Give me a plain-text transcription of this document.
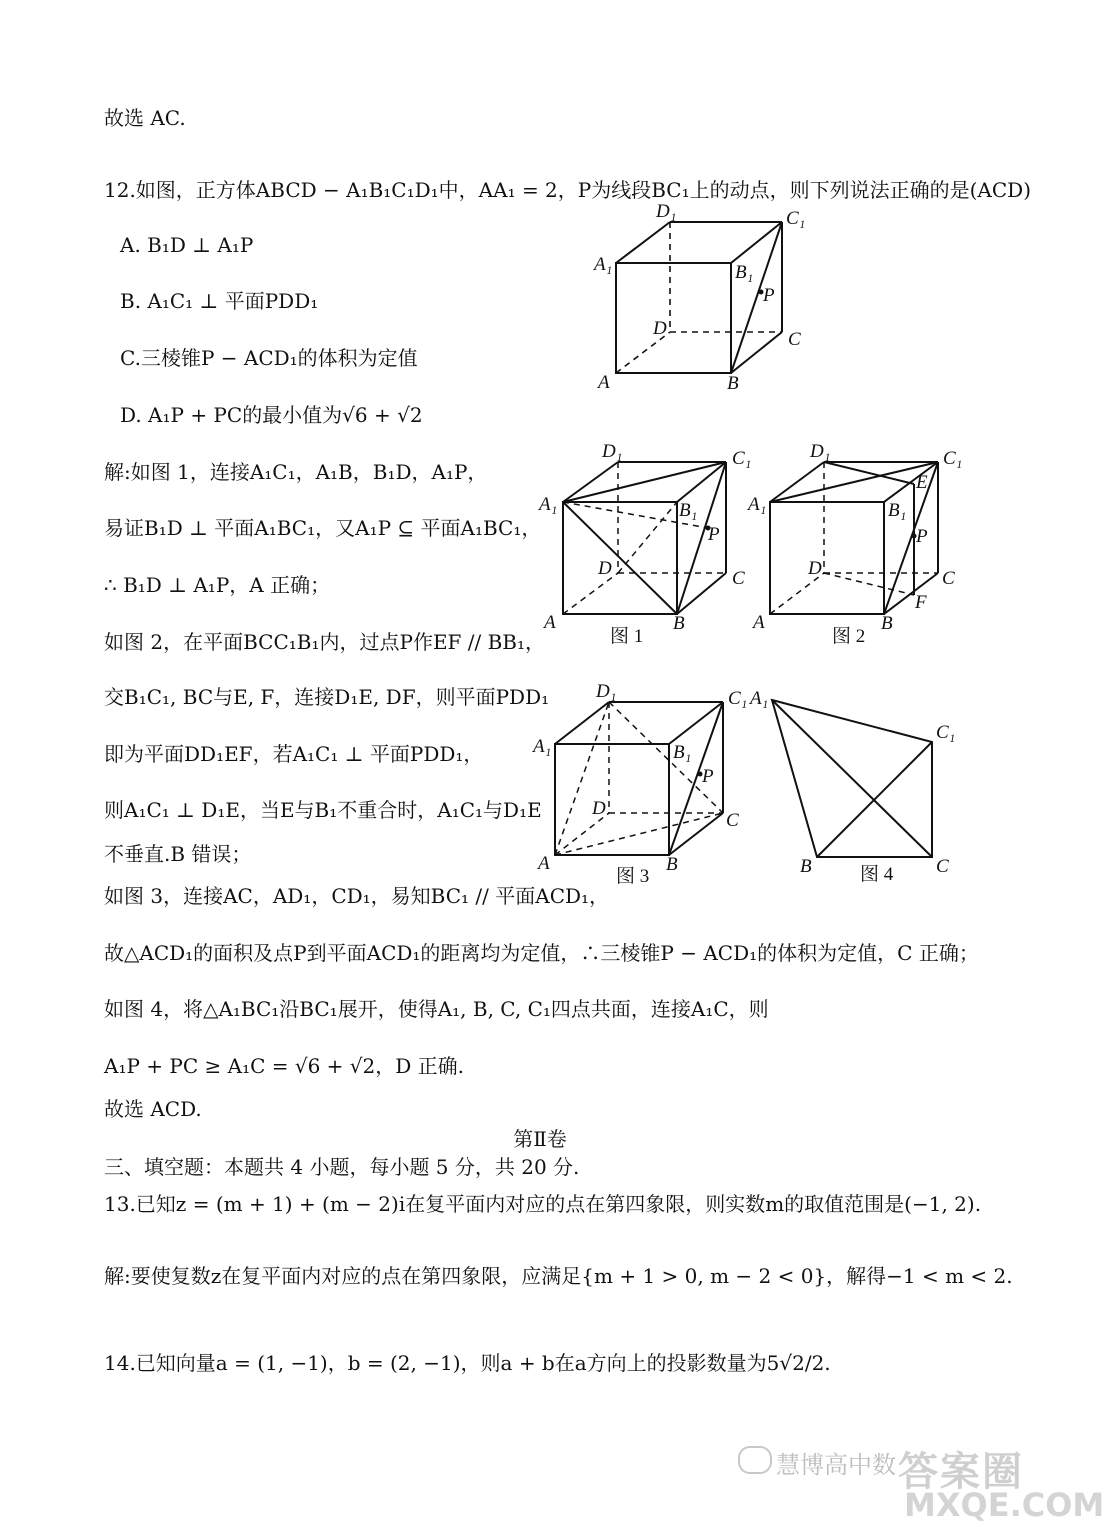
故选 AC.
12.如图，正方体ABCD − A₁B₁C₁D₁中，AA₁ = 2，P为线段BC₁上的动点，则下列说法正确的是(ACD)
A. B₁D ⊥ A₁P
B. A₁C₁ ⊥ 平面PDD₁
C.三棱锥P − ACD₁的体积为定值
D. A₁P + PC的最小值为√6 + √2
解:如图 1，连接A₁C₁，A₁B，B₁D，A₁P，
易证B₁D ⊥ 平面A₁BC₁，又A₁P ⊆ 平面A₁BC₁，
∴ B₁D ⊥ A₁P，A 正确；
如图 2，在平面BCC₁B₁内，过点P作EF // BB₁，
交B₁C₁, BC与E, F，连接D₁E, DF，则平面PDD₁
即为平面DD₁EF，若A₁C₁ ⊥ 平面PDD₁，
则A₁C₁ ⊥ D₁E，当E与B₁不重合时，A₁C₁与D₁E
不垂直.B 错误；
如图 3，连接AC，AD₁，CD₁，易知BC₁ // 平面ACD₁，
故△ACD₁的面积及点P到平面ACD₁的距离均为定值，∴三棱锥P − ACD₁的体积为定值，C 正确；
如图 4，将△A₁BC₁沿BC₁展开，使得A₁, B, C, C₁四点共面，连接A₁C，则
A₁P + PC ≥ A₁C = √6 + √2，D 正确.
故选 ACD.
第Ⅱ卷
三、填空题：本题共 4 小题，每小题 5 分，共 20 分.
13.已知z = (m + 1) + (m − 2)i在复平面内对应的点在第四象限，则实数m的取值范围是(−1, 2).
解:要使复数z在复平面内对应的点在第四象限，应满足{m + 1 > 0, m − 2 < 0}，解得−1 < m < 2.
14.已知向量a = (1, −1)，b = (2, −1)，则a + b在a方向上的投影数量为5√2/2.
D₁	C₁
A₁	B₁
P
D
C
A	B
D₁	C₁
A₁	B₁
P
D	C
A	B
图 1
D₁	C₁
A₁	B₁
E
P
D	C
F
A	B
图 2
D₁	C₁
A₁	B₁
P
D
C
A	B
图 3
A₁
C₁
B	C
图 4
慧博高中数 答案圈
MXQE.COM
